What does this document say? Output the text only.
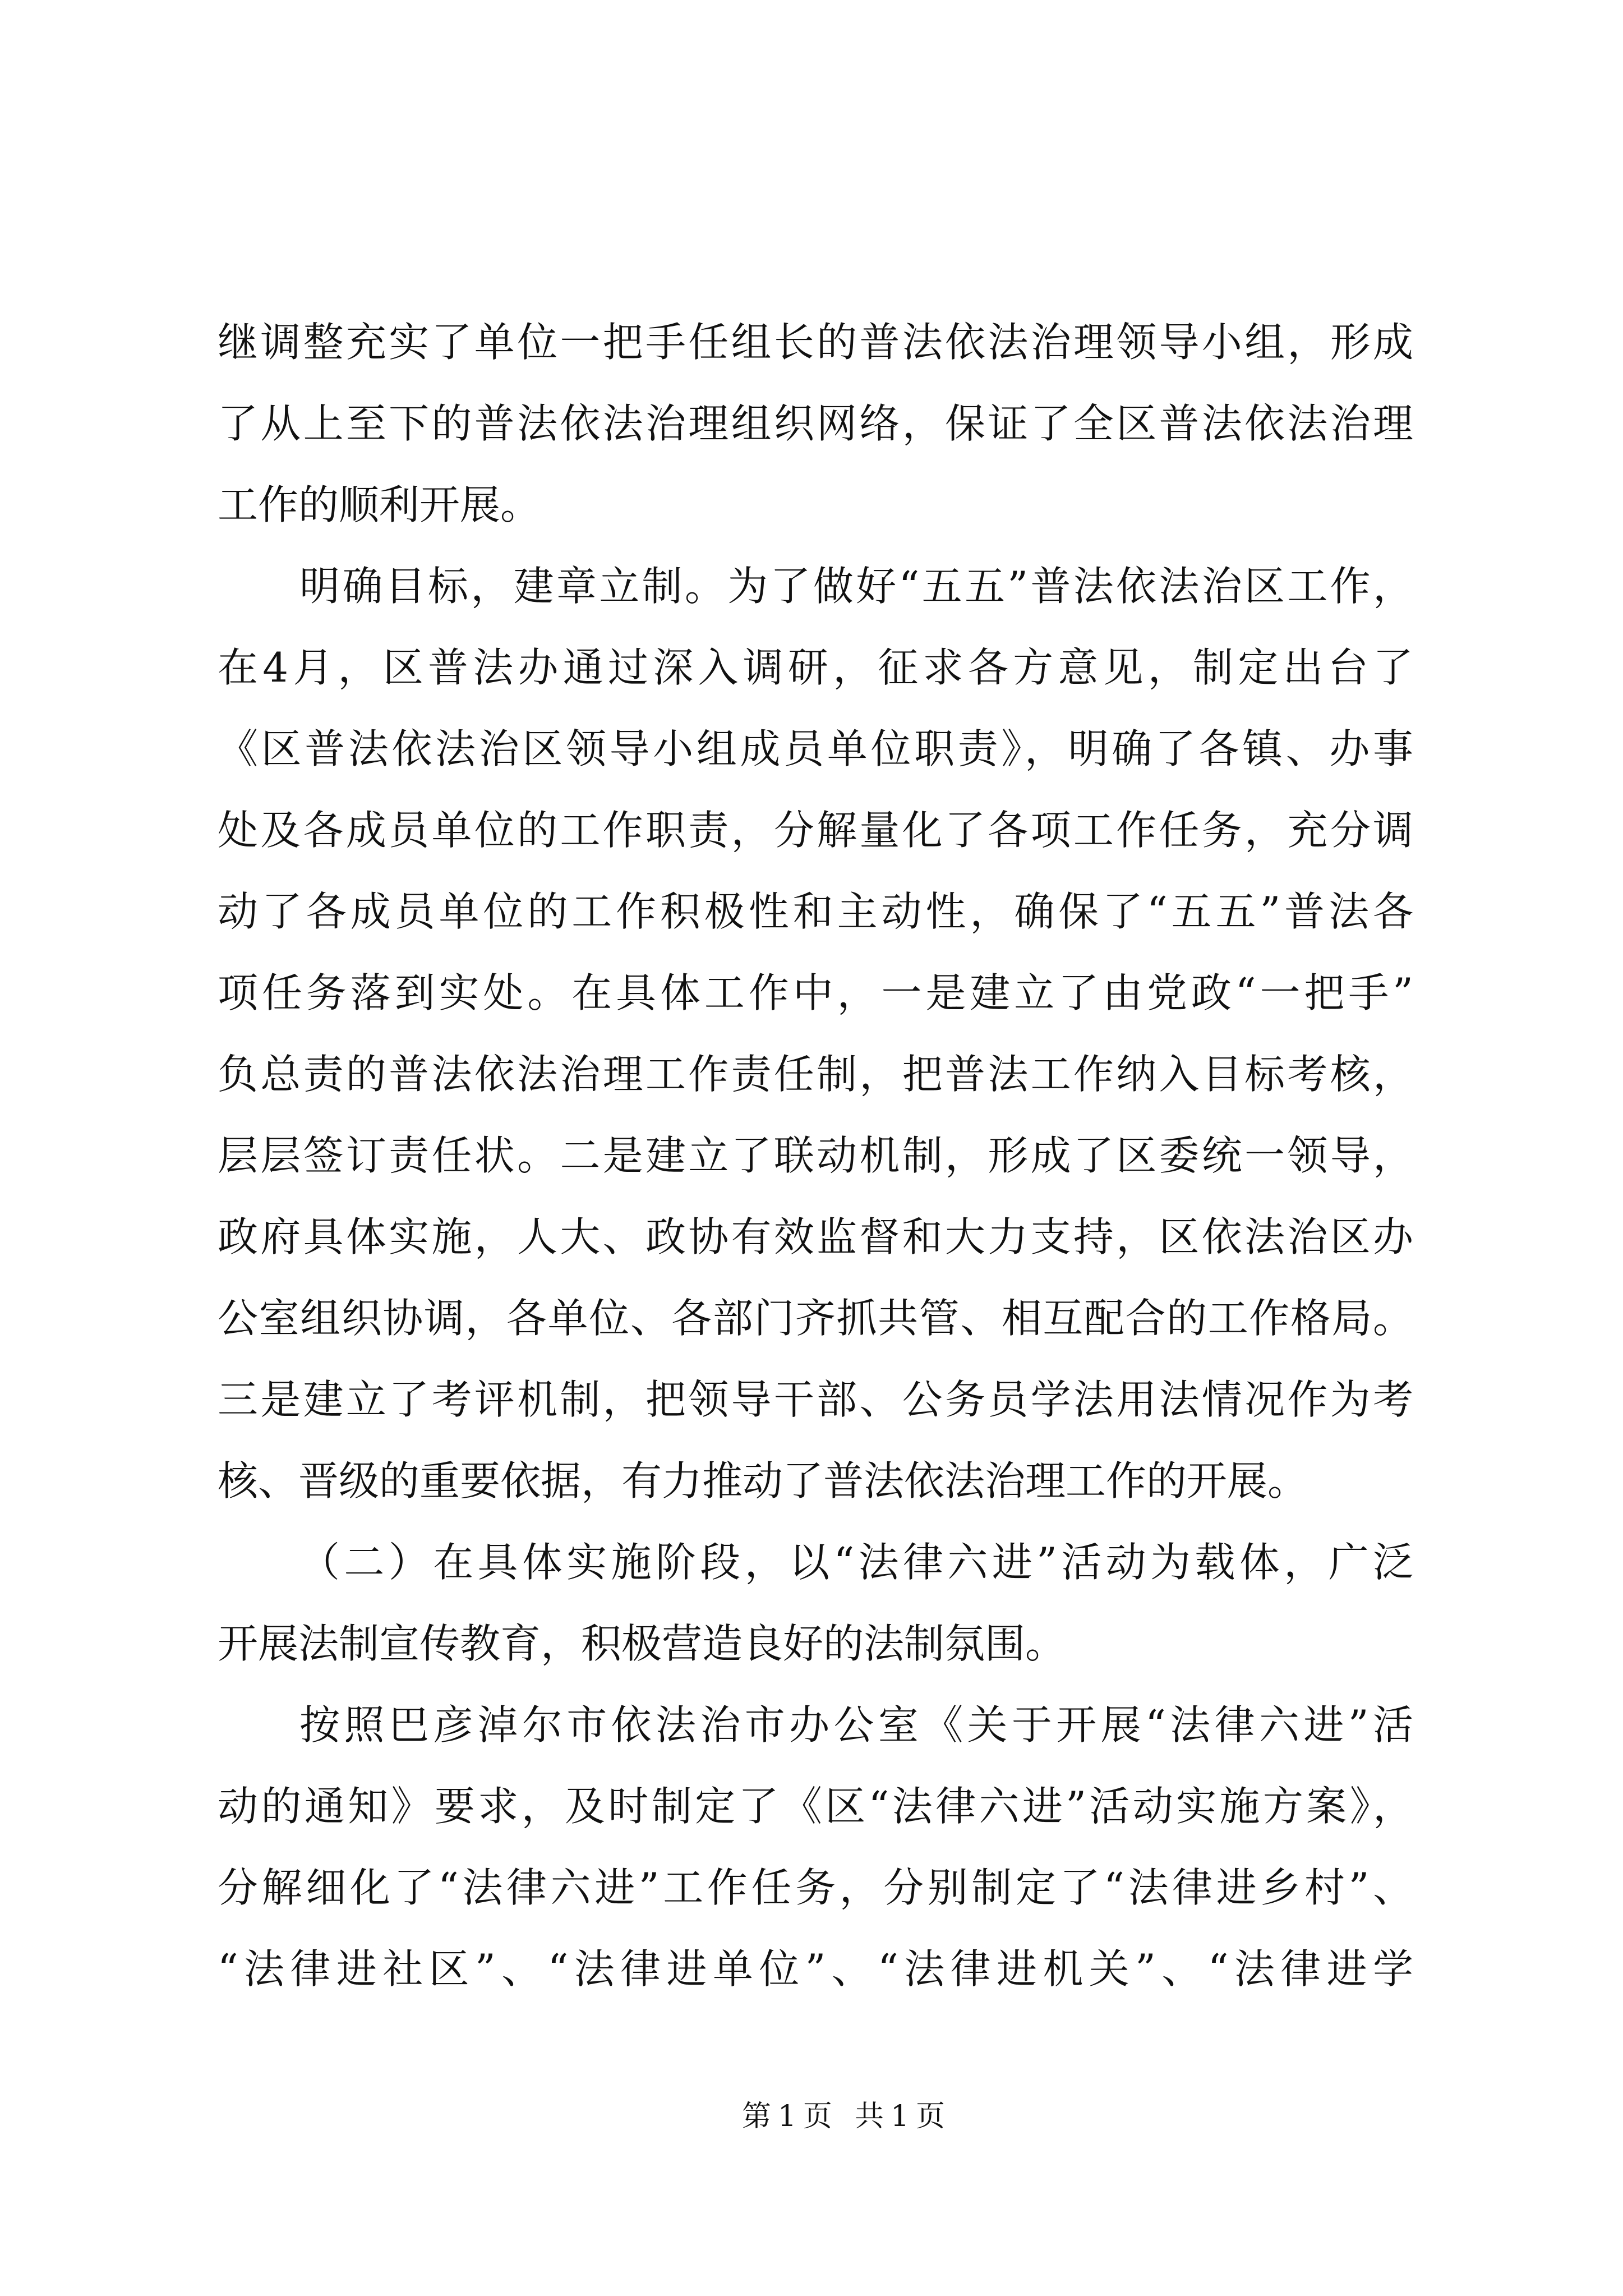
继调整充实了单位一把手任组长的普法依法治理领导小组，形成
了从上至下的普法依法治理组织网络，保证了全区普法依法治理
工作的顺利开展。
明确目标，建章立制。为了做好“五五”普法依法治区工作，
在4月，区普法办通过深入调研，征求各方意见，制定出台了
《区普法依法治区领导小组成员单位职责》，明确了各镇、办事
处及各成员单位的工作职责，分解量化了各项工作任务，充分调
动了各成员单位的工作积极性和主动性，确保了“五五”普法各
项任务落到实处。在具体工作中，一是建立了由党政“一把手”
负总责的普法依法治理工作责任制，把普法工作纳入目标考核，
层层签订责任状。二是建立了联动机制，形成了区委统一领导，
政府具体实施，人大、政协有效监督和大力支持，区依法治区办
公室组织协调，各单位、各部门齐抓共管、相互配合的工作格局。
三是建立了考评机制，把领导干部、公务员学法用法情况作为考
核、晋级的重要依据，有力推动了普法依法治理工作的开展。
（二）在具体实施阶段，以“法律六进”活动为载体，广泛
开展法制宣传教育，积极营造良好的法制氛围。
按照巴彦淖尔市依法治市办公室《关于开展“法律六进”活
动的通知》要求，及时制定了《区“法律六进”活动实施方案》，
分解细化了“法律六进”工作任务，分别制定了“法律进乡村”、
“法律进社区”、“法律进单位”、“法律进机关”、“法律进学
第1页 共1页
